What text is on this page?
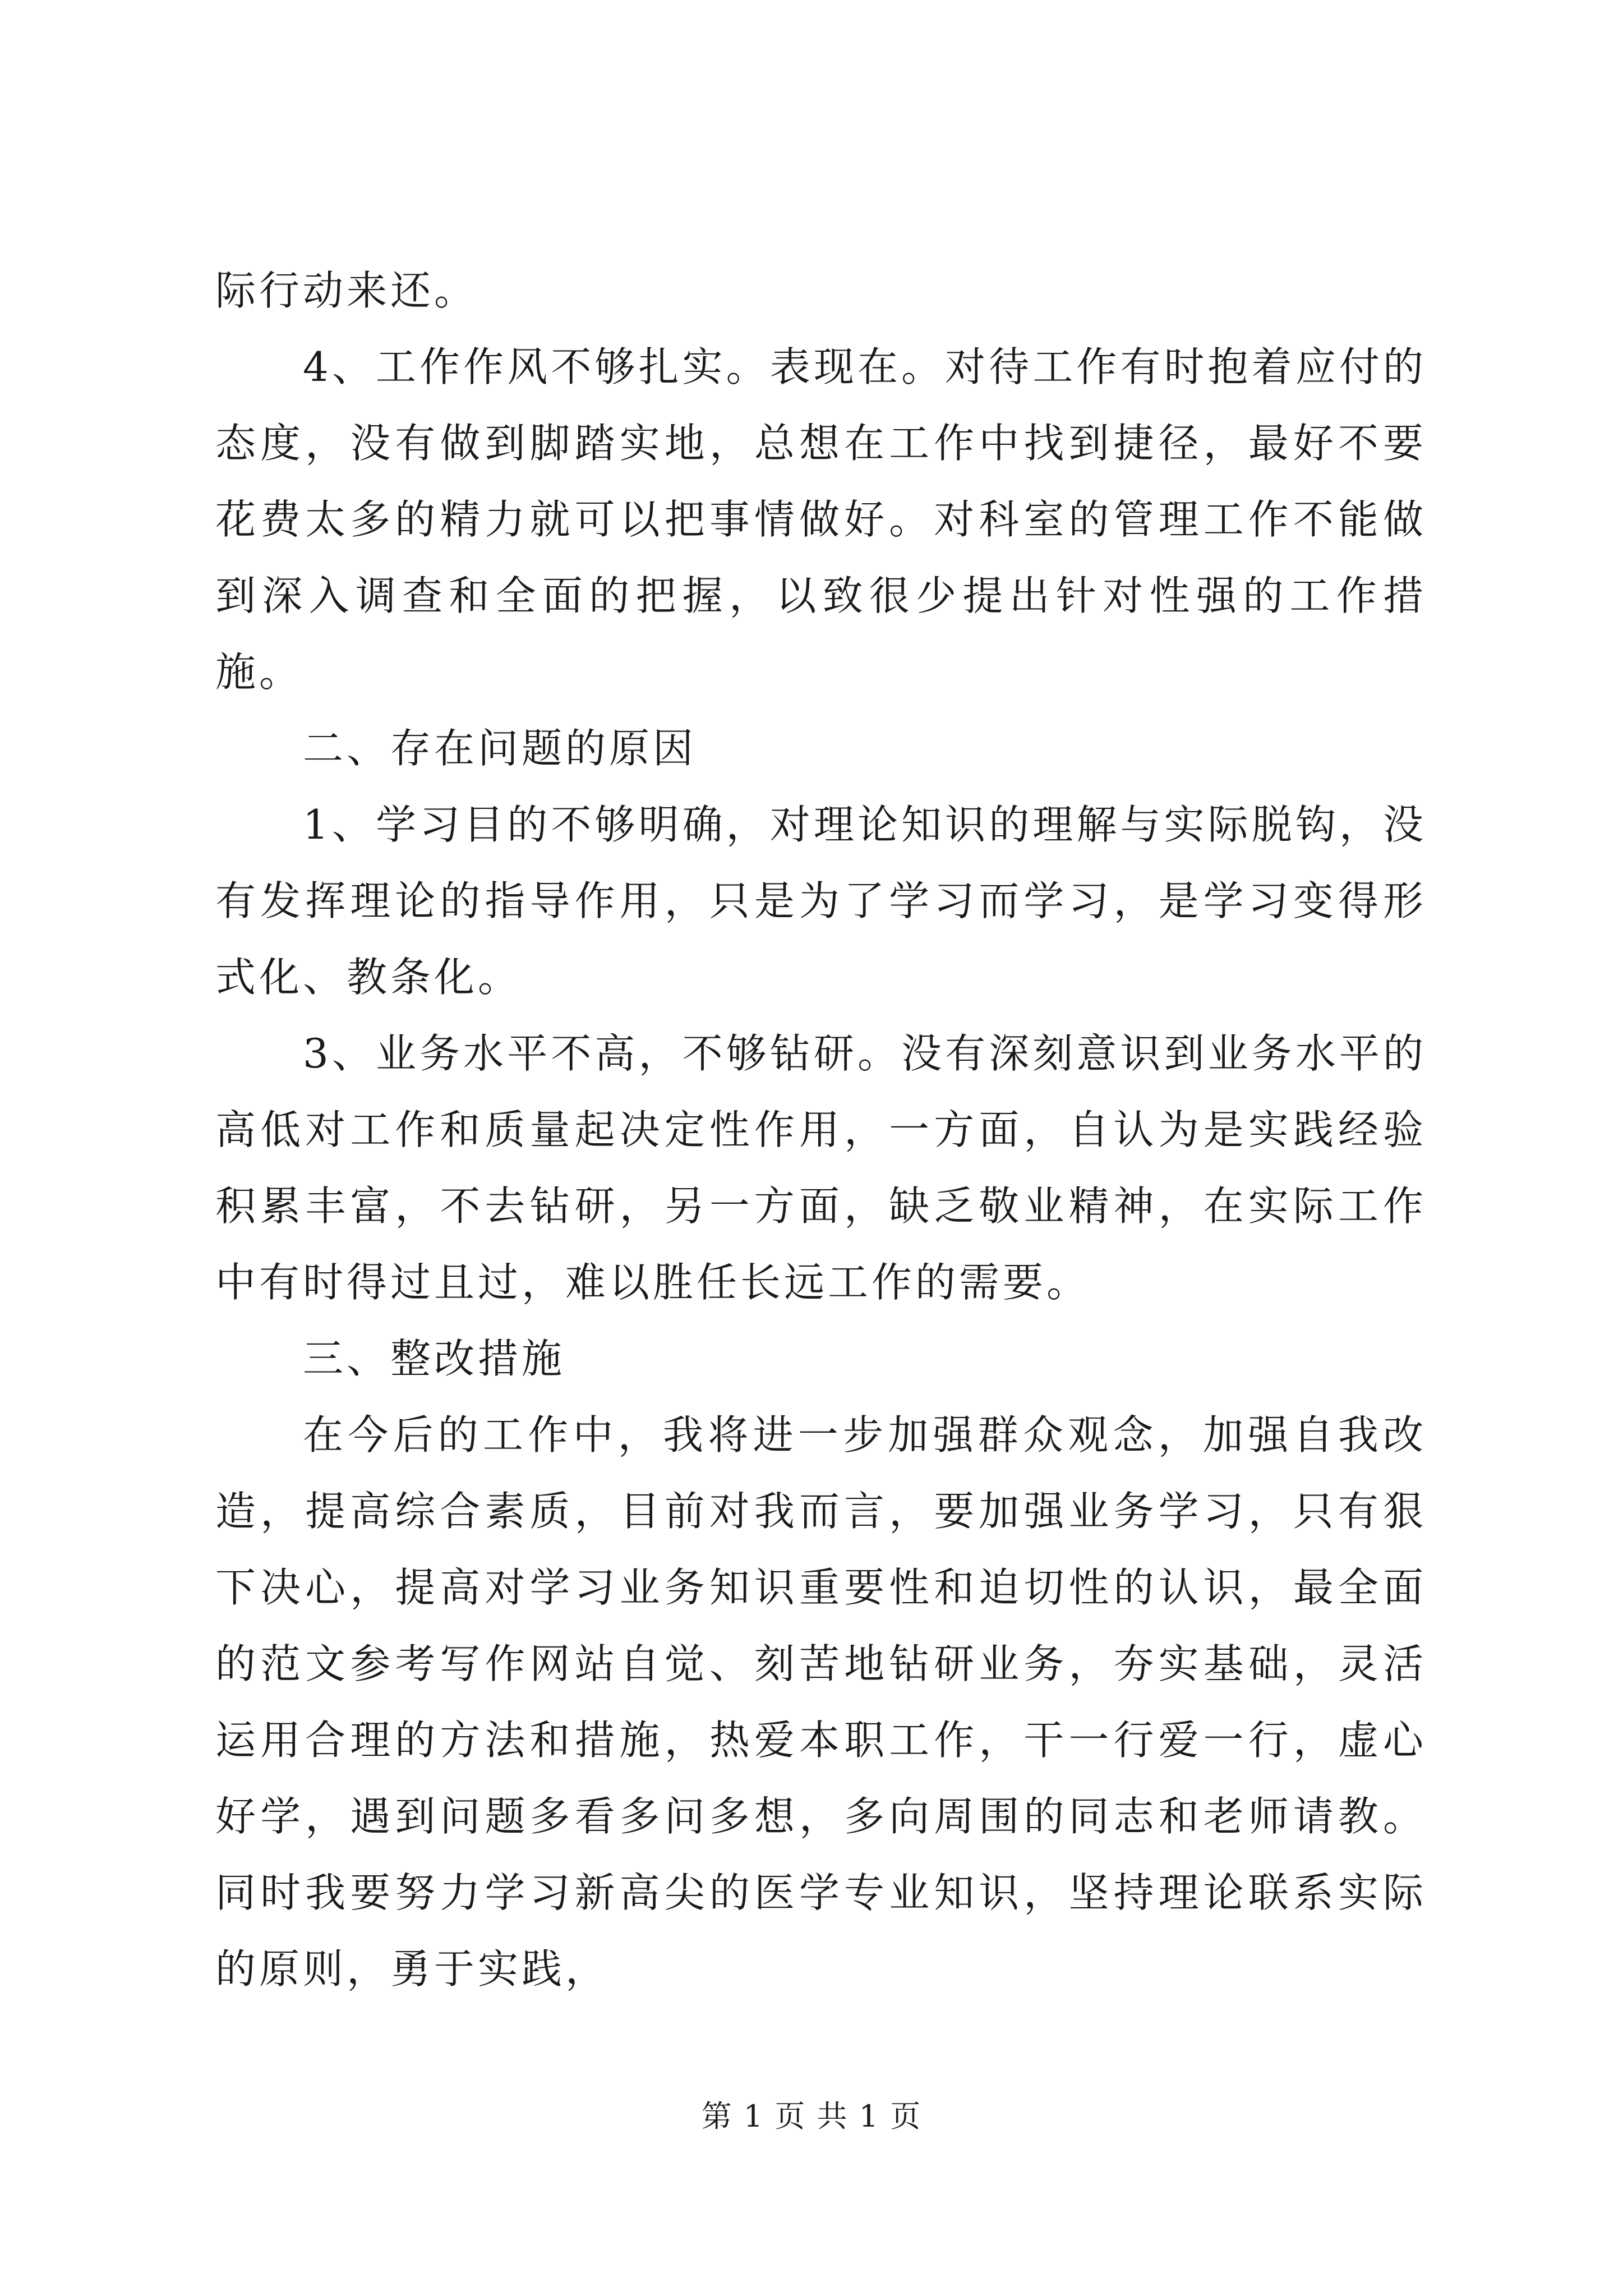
际行动来还。

4、工作作风不够扎实。表现在。对待工作有时抱着应付的态度，没有做到脚踏实地，总想在工作中找到捷径，最好不要花费太多的精力就可以把事情做好。对科室的管理工作不能做到深入调查和全面的把握，以致很少提出针对性强的工作措施。

二、存在问题的原因

1、学习目的不够明确，对理论知识的理解与实际脱钩，没有发挥理论的指导作用，只是为了学习而学习，是学习变得形式化、教条化。

3、业务水平不高，不够钻研。没有深刻意识到业务水平的高低对工作和质量起决定性作用，一方面，自认为是实践经验积累丰富，不去钻研，另一方面，缺乏敬业精神，在实际工作中有时得过且过，难以胜任长远工作的需要。

三、整改措施

在今后的工作中，我将进一步加强群众观念，加强自我改造，提高综合素质，目前对我而言，要加强业务学习，只有狠下决心，提高对学习业务知识重要性和迫切性的认识，最全面的范文参考写作网站自觉、刻苦地钻研业务，夯实基础，灵活运用合理的方法和措施，热爱本职工作，干一行爱一行，虚心好学，遇到问题多看多问多想，多向周围的同志和老师请教。同时我要努力学习新高尖的医学专业知识，坚持理论联系实际的原则，勇于实践，

第 1 页 共 1 页
